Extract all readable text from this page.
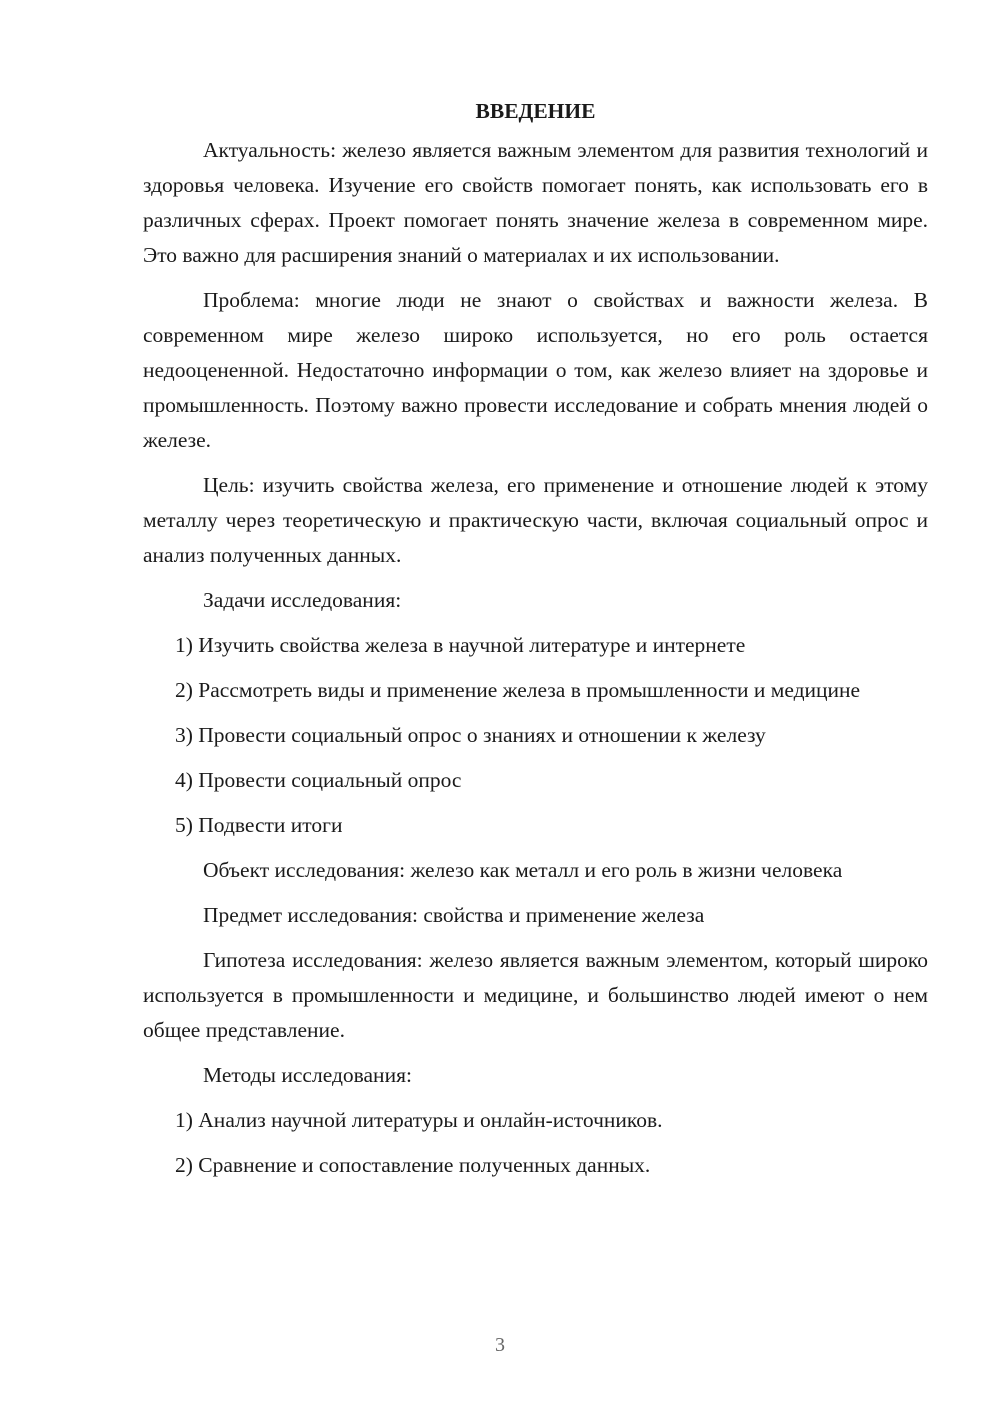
ВВЕДЕНИЕ

Актуальность: железо является важным элементом для развития технологий и здоровья человека. Изучение его свойств помогает понять, как использовать его в различных сферах. Проект помогает понять значение железа в современном мире. Это важно для расширения знаний о материалах и их использовании.

Проблема: многие люди не знают о свойствах и важности железа. В современном мире железо широко используется, но его роль остается недооцененной. Недостаточно информации о том, как железо влияет на здоровье и промышленность. Поэтому важно провести исследование и собрать мнения людей о железе.

Цель: изучить свойства железа, его применение и отношение людей к этому металлу через теоретическую и практическую части, включая социальный опрос и анализ полученных данных.

Задачи исследования:

1) Изучить свойства железа в научной литературе и интернете

2) Рассмотреть виды и применение железа в промышленности и медицине

3) Провести социальный опрос о знаниях и отношении к железу

4) Провести социальный опрос

5) Подвести итоги

Объект исследования: железо как металл и его роль в жизни человека

Предмет исследования: свойства и применение железа

Гипотеза исследования: железо является важным элементом, который широко используется в промышленности и медицине, и большинство людей имеют о нем общее представление.

Методы исследования:

1) Анализ научной литературы и онлайн-источников.

2) Сравнение и сопоставление полученных данных.

3
